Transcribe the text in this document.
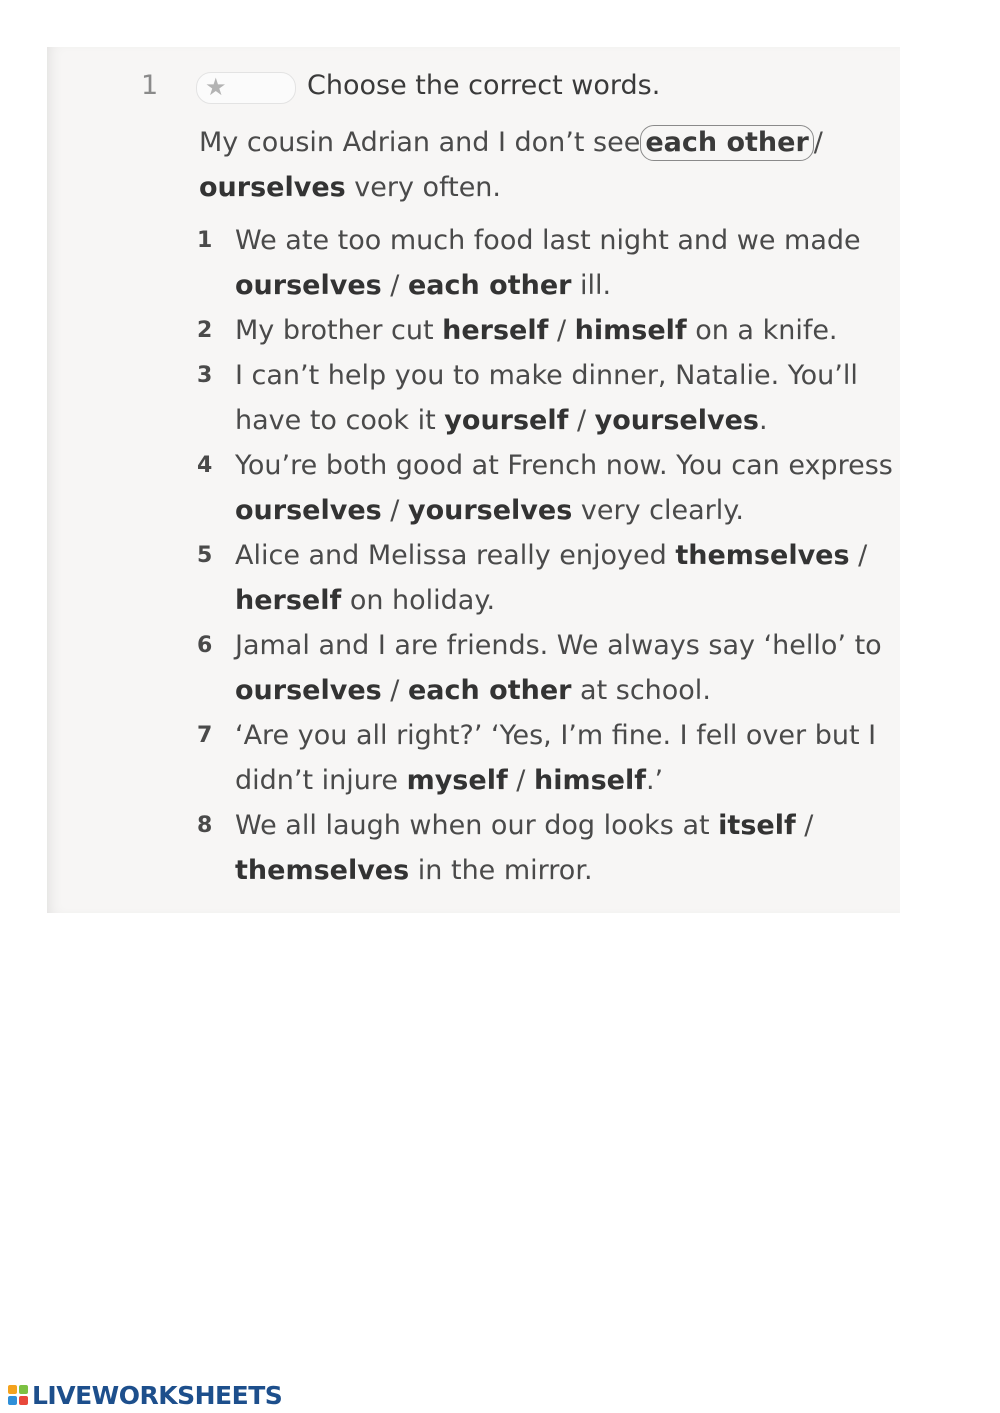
1 ★	Choose the correct words.
My cousin Adrian and I don’t see each other / ourselves very often.
1 We ate too much food last night and we made ourselves / each other ill.
2 My brother cut herself / himself on a knife.
3 I can’t help you to make dinner, Natalie. You’ll have to cook it yourself / yourselves.
4 You’re both good at French now. You can express ourselves / yourselves very clearly.
5 Alice and Melissa really enjoyed themselves / herself on holiday.
6 Jamal and I are friends. We always say ‘hello’ to ourselves / each other at school.
7 ‘Are you all right?’ ‘Yes, I’m fine. I fell over but I didn’t injure myself / himself.’
8 We all laugh when our dog looks at itself / themselves in the mirror.
LIVEWORKSHEETS
